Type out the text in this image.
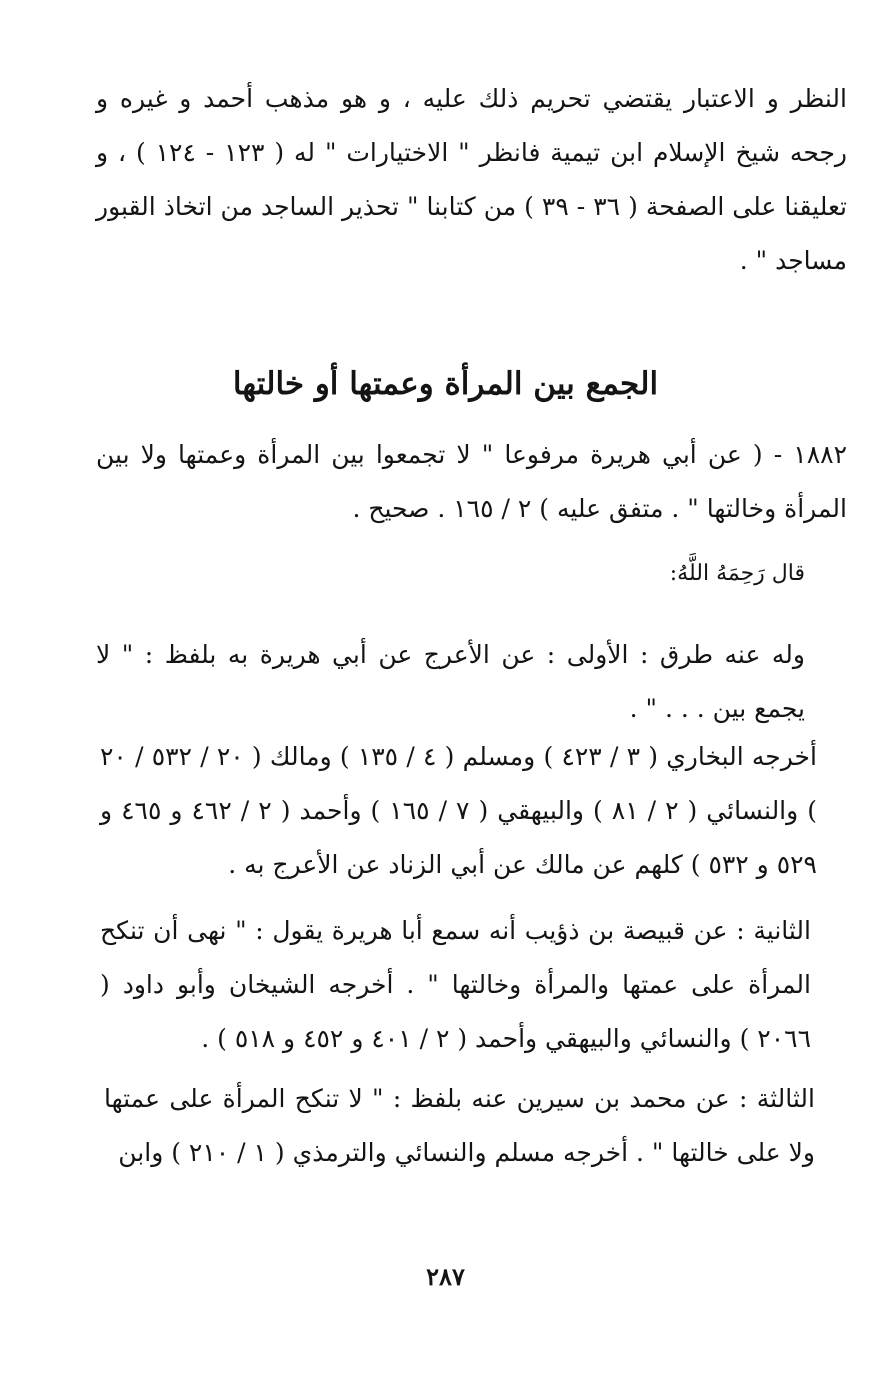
النظر و الاعتبار يقتضي تحريم ذلك عليه ، و هو مذهب أحمد و غيره و رجحه شيخ الإسلام ابن تيمية فانظر " الاختيارات " له ( ١٢٣ - ١٢٤ ) ، و تعليقنا على الصفحة ( ٣٦ - ٣٩ ) من كتابنا " تحذير الساجد من اتخاذ القبور مساجد " .

الجمع بين المرأة وعمتها أو خالتها

١٨٨٢ - ( عن أبي هريرة مرفوعا " لا تجمعوا بين المرأة وعمتها ولا بين المرأة وخالتها " . متفق عليه ) ٢ / ١٦٥ . صحيح .

قال رَحِمَهُ اللَّهُ:

وله عنه طرق : الأولى : عن الأعرج عن أبي هريرة به بلفظ : " لا يجمع بين . . . " .

أخرجه البخاري ( ٣ / ٤٢٣ ) ومسلم ( ٤ / ١٣٥ ) ومالك ( ٢٠ / ٥٣٢ / ٢٠ ) والنسائي ( ٢ / ٨١ ) والبيهقي ( ٧ / ١٦٥ ) وأحمد ( ٢ / ٤٦٢ و ٤٦٥ و ٥٢٩ و ٥٣٢ ) كلهم عن مالك عن أبي الزناد عن الأعرج به .

الثانية : عن قبيصة بن ذؤيب أنه سمع أبا هريرة يقول : " نهى أن تنكح المرأة على عمتها والمرأة وخالتها " . أخرجه الشيخان وأبو داود ( ٢٠٦٦ ) والنسائي والبيهقي وأحمد ( ٢ / ٤٠١ و ٤٥٢ و ٥١٨ ) .

الثالثة : عن محمد بن سيرين عنه بلفظ : " لا تنكح المرأة على عمتها ولا على خالتها " . أخرجه مسلم والنسائي والترمذي ( ١ / ٢١٠ ) وابن

٢٨٧
